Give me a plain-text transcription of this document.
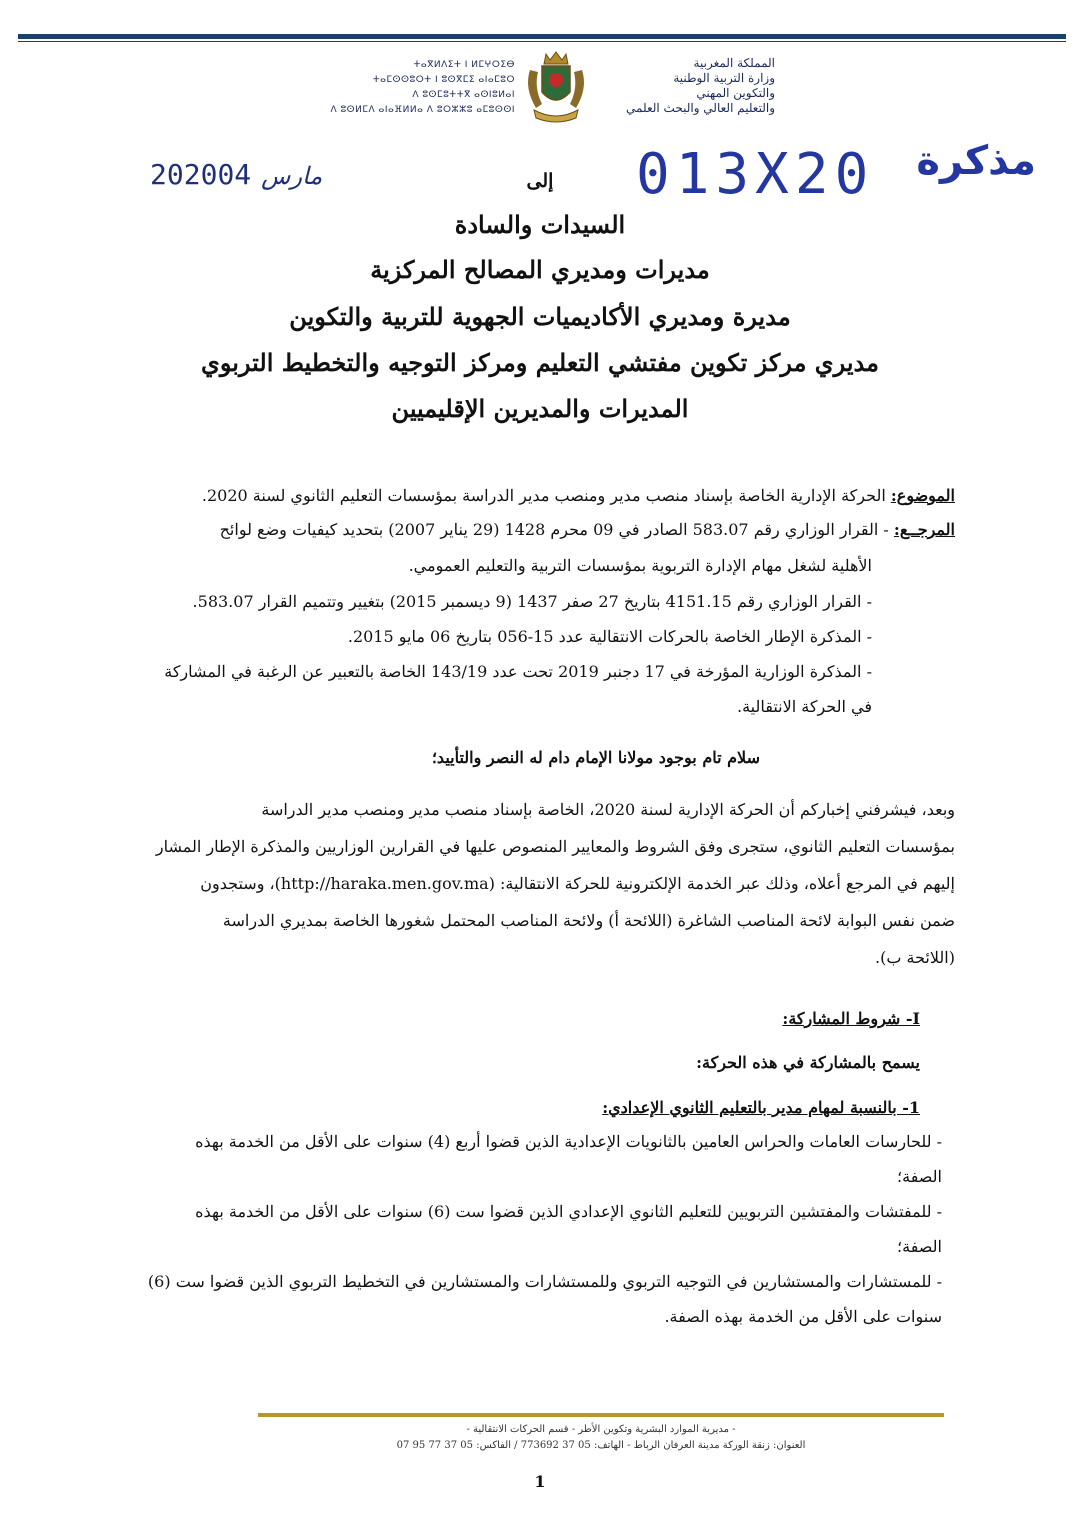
المملكة المغربية
وزارة التربية الوطنية
والتكوين المهني
والتعليم العالي والبحث العلمي
ⵜⴰⴳⵍⴷⵉⵜ ⵏ ⵍⵎⵖⵔⵉⴱ
ⵜⴰⵎⵙⵙⵓⵔⵜ ⵏ ⵓⵙⴳⵎⵉ ⴰⵏⴰⵎⵓⵔ
ⴷ ⵓⵙⵎⵓⵜⵜⴳ ⴰⵙⵏⵓⵍⴰⵏ
ⴷ ⵓⵙⵍⵎⴷ ⴰⵏⴰⴼⵍⵍⴰ ⴷ ⵓⵔⵣⵣⵓ ⴰⵎⵓⵙⵙⵏ
2020 مارس04	013X20 مذكرة
إلى
السيدات والسادة
مديرات ومديري المصالح المركزية
مديرة ومديري الأكاديميات الجهوية للتربية والتكوين
مديري مركز تكوين مفتشي التعليم ومركز التوجيه والتخطيط التربوي
المديرات والمديرين الإقليميين
الموضوع: الحركة الإدارية الخاصة بإسناد منصب مدير ومنصب مدير الدراسة بمؤسسات التعليم الثانوي لسنة 2020.
المرجــع: - القرار الوزاري رقم 583.07 الصادر في 09 محرم 1428 (29 يناير 2007) بتحديد كيفيات وضع لوائح
الأهلية لشغل مهام الإدارة التربوية بمؤسسات التربية والتعليم العمومي.
- القرار الوزاري رقم 4151.15 بتاريخ 27 صفر 1437 (9 ديسمبر 2015) بتغيير وتتميم القرار 583.07.
- المذكرة الإطار الخاصة بالحركات الانتقالية عدد 15-056 بتاريخ 06 مايو 2015.
- المذكرة الوزارية المؤرخة في 17 دجنبر 2019 تحت عدد 143/19 الخاصة بالتعبير عن الرغبة في المشاركة
في الحركة الانتقالية.
سلام تام بوجود مولانا الإمام دام له النصر والتأييد؛
وبعد، فيشرفني إخباركم أن الحركة الإدارية لسنة 2020، الخاصة بإسناد منصب مدير ومنصب مدير الدراسة
بمؤسسات التعليم الثانوي، ستجرى وفق الشروط والمعايير المنصوص عليها في القرارين الوزاريين والمذكرة الإطار المشار
إليهم في المرجع أعلاه، وذلك عبر الخدمة الإلكترونية للحركة الانتقالية: (http://haraka.men.gov.ma)، وستجدون
ضمن نفس البوابة لائحة المناصب الشاغرة (اللائحة أ) ولائحة المناصب المحتمل شغورها الخاصة بمديري الدراسة
(اللائحة ب).
I- شروط المشاركة:
يسمح بالمشاركة في هذه الحركة:
1- بالنسبة لمهام مدير بالتعليم الثانوي الإعدادي:
- للحارسات العامات والحراس العامين بالثانويات الإعدادية الذين قضوا أربع (4) سنوات على الأقل من الخدمة بهذه
الصفة؛
- للمفتشات والمفتشين التربويين للتعليم الثانوي الإعدادي الذين قضوا ست (6) سنوات على الأقل من الخدمة بهذه
الصفة؛
- للمستشارات والمستشارين في التوجيه التربوي وللمستشارات والمستشارين في التخطيط التربوي الذين قضوا ست (6)
سنوات على الأقل من الخدمة بهذه الصفة.
- مديرية الموارد البشرية وتكوين الأطر - قسم الحركات الانتقالية -
العنوان: زنقة الوركة مدينة العرفان الرباط - الهاتف: 05 37 773692 / الفاكس: 05 37 77 95 07
1
